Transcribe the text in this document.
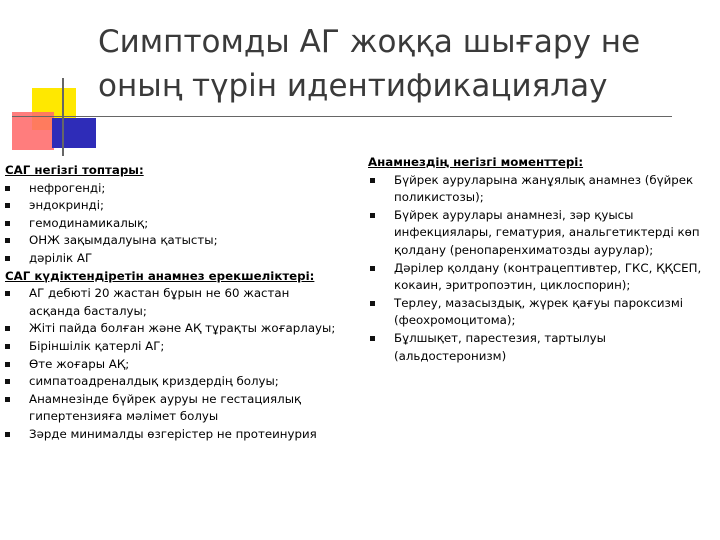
Симптомды АГ жоққа шығару не
оның түрін идентификациялау
САГ негізгі топтары:
нефрогенді;
эндокринді;
гемодинамикалық;
ОНЖ зақымдалуына қатысты;
дәрілік АГ
САГ күдіктендіретін анамнез ерекшеліктері:
АГ дебюті 20 жастан бұрын не 60 жастан
асқанда басталуы;
Жіті пайда болған және АҚ тұрақты жоғарлауы;
Біріншілік қатерлі АГ;
Өте жоғары АҚ;
симпатоадреналдық криздердің болуы;
Анамнезінде бүйрек ауруы не гестациялық
гипертензияға мәлімет болуы
Зәрде минималды өзгерістер не протеинурия
Анамнездің негізгі моменттері:
Бүйрек ауруларына жанұялық анамнез (бүйрек
поликистозы);
Бүйрек аурулары анамнезі, зәр қуысы
инфекциялары, гематурия, анальгетиктерді көп
қолдану (ренопаренхиматозды аурулар);
Дәрілер қолдану (контрацептивтер, ГКС, ҚҚСЕП,
кокаин, эритропоэтин, циклоспорин);
Терлеу, мазасыздық, жүрек қағуы пароксизмі
(феохромоцитома);
Бұлшықет, парестезия, тартылуы
(альдостеронизм)
